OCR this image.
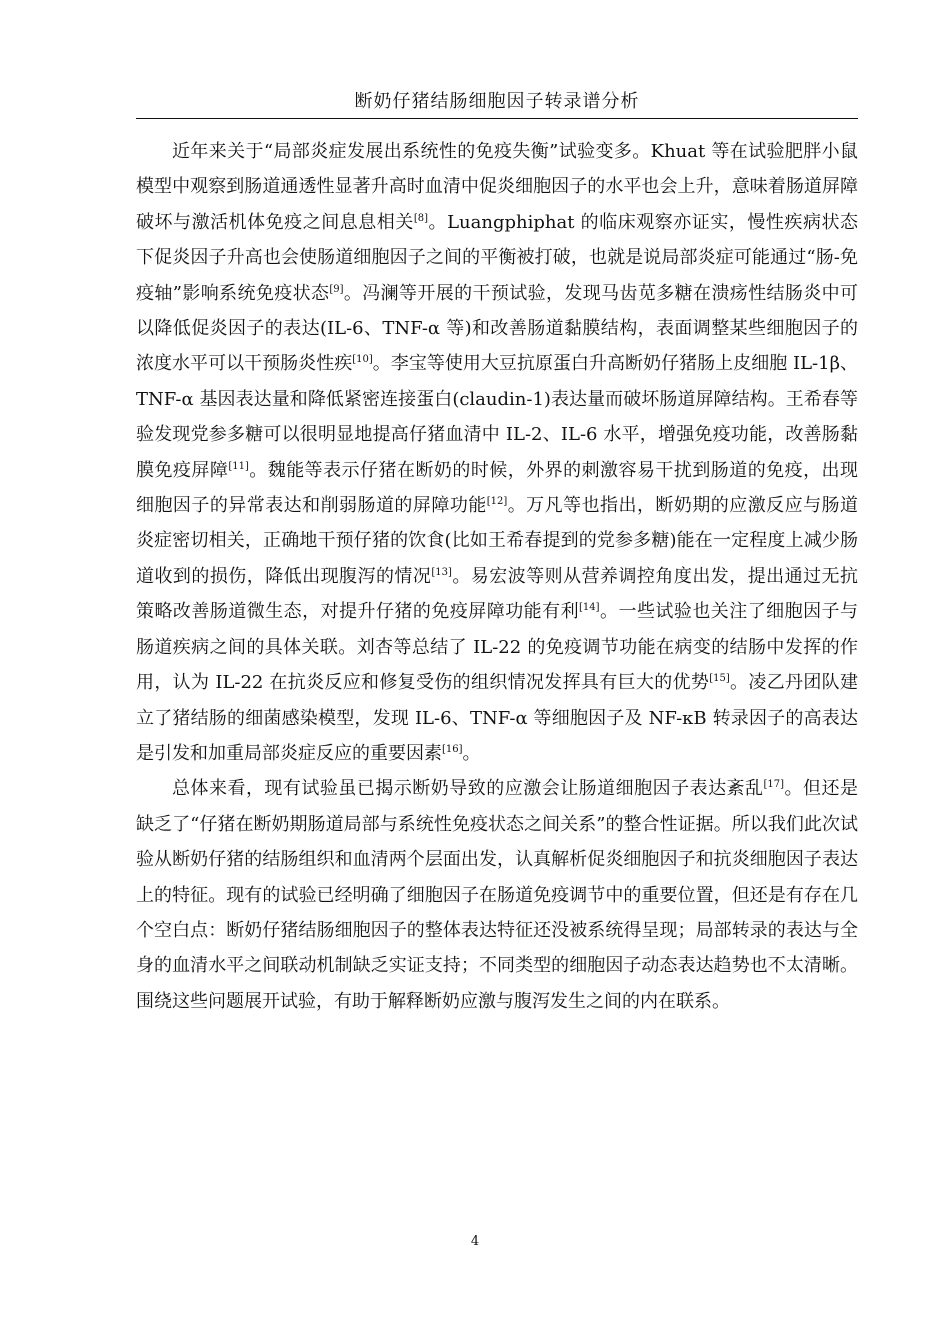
断奶仔猪结肠细胞因子转录谱分析

近年来关于“局部炎症发展出系统性的免疫失衡”试验变多。Khuat 等在试验肥胖小鼠模型中观察到肠道通透性显著升高时血清中促炎细胞因子的水平也会上升，意味着肠道屏障破坏与激活机体免疫之间息息相关[8]。Luangphiphat 的临床观察亦证实，慢性疾病状态下促炎因子升高也会使肠道细胞因子之间的平衡被打破，也就是说局部炎症可能通过“肠-免疫轴”影响系统免疫状态[9]。冯澜等开展的干预试验，发现马齿苋多糖在溃疡性结肠炎中可以降低促炎因子的表达(IL-6、TNF-α 等)和改善肠道黏膜结构，表面调整某些细胞因子的浓度水平可以干预肠炎性疾[10]。李宝等使用大豆抗原蛋白升高断奶仔猪肠上皮细胞 IL-1β、TNF-α 基因表达量和降低紧密连接蛋白(claudin-1)表达量而破坏肠道屏障结构。王希春等验发现党参多糖可以很明显地提高仔猪血清中 IL-2、IL-6 水平，增强免疫功能，改善肠黏膜免疫屏障[11]。魏能等表示仔猪在断奶的时候，外界的刺激容易干扰到肠道的免疫，出现细胞因子的异常表达和削弱肠道的屏障功能[12]。万凡等也指出，断奶期的应激反应与肠道炎症密切相关，正确地干预仔猪的饮食(比如王希春提到的党参多糖)能在一定程度上减少肠道收到的损伤，降低出现腹泻的情况[13]。易宏波等则从营养调控角度出发，提出通过无抗策略改善肠道微生态，对提升仔猪的免疫屏障功能有利[14]。一些试验也关注了细胞因子与肠道疾病之间的具体关联。刘杏等总结了 IL-22 的免疫调节功能在病变的结肠中发挥的作用，认为 IL-22 在抗炎反应和修复受伤的组织情况发挥具有巨大的优势[15]。凌乙丹团队建立了猪结肠的细菌感染模型，发现 IL-6、TNF-α 等细胞因子及 NF-κB 转录因子的高表达是引发和加重局部炎症反应的重要因素[16]。

总体来看，现有试验虽已揭示断奶导致的应激会让肠道细胞因子表达紊乱[17]。但还是缺乏了“仔猪在断奶期肠道局部与系统性免疫状态之间关系”的整合性证据。所以我们此次试验从断奶仔猪的结肠组织和血清两个层面出发，认真解析促炎细胞因子和抗炎细胞因子表达上的特征。现有的试验已经明确了细胞因子在肠道免疫调节中的重要位置，但还是有存在几个空白点：断奶仔猪结肠细胞因子的整体表达特征还没被系统得呈现；局部转录的表达与全身的血清水平之间联动机制缺乏实证支持；不同类型的细胞因子动态表达趋势也不太清晰。围绕这些问题展开试验，有助于解释断奶应激与腹泻发生之间的内在联系。

4
